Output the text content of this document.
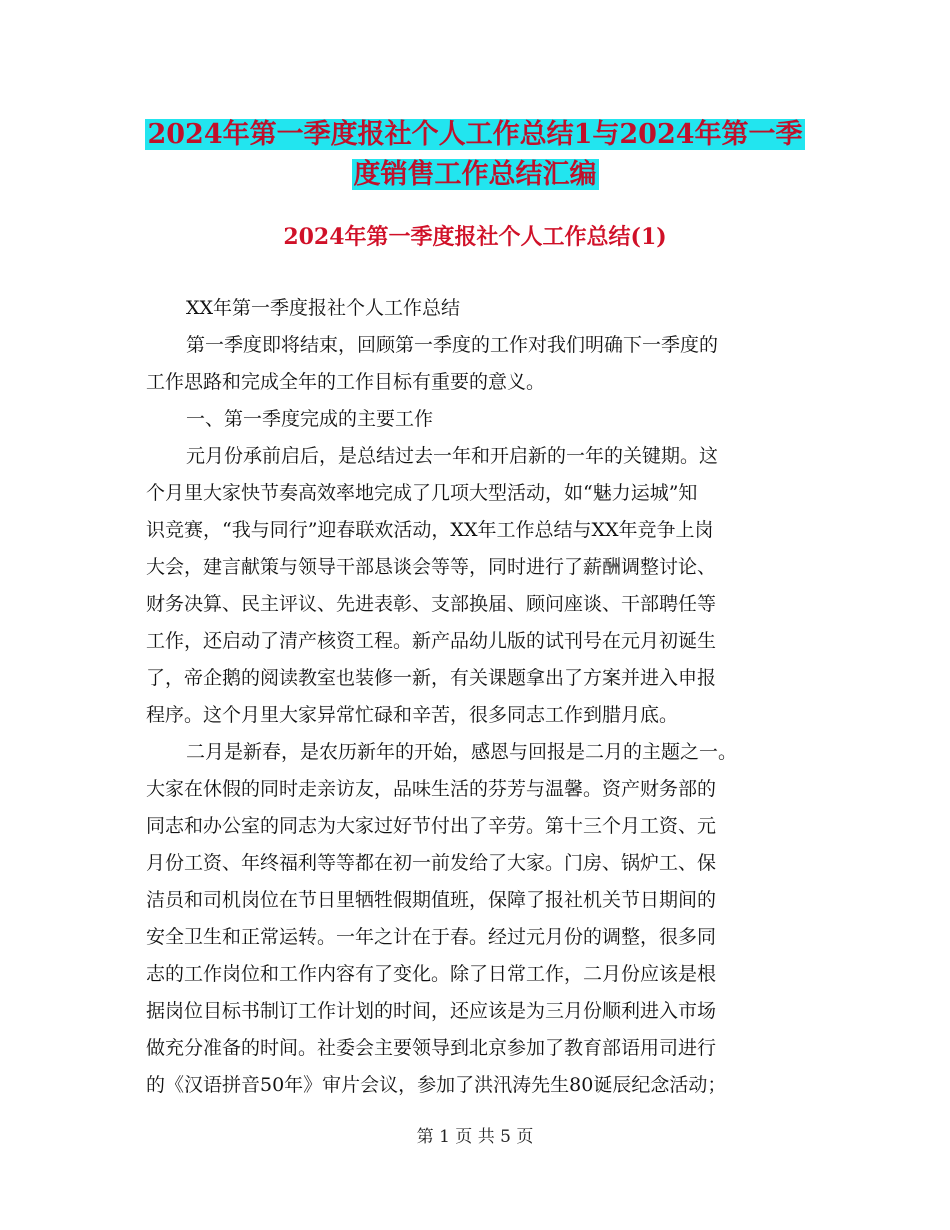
2024年第一季度报社个人工作总结1与2024年第一季
度销售工作总结汇编
2024年第一季度报社个人工作总结(1)

XX年第一季度报社个人工作总结

第一季度即将结束，回顾第一季度的工作对我们明确下一季度的

工作思路和完成全年的工作目标有重要的意义。

一、第一季度完成的主要工作

元月份承前启后，是总结过去一年和开启新的一年的关键期。这

个月里大家快节奏高效率地完成了几项大型活动，如“魅力运城”知

识竞赛，“我与同行”迎春联欢活动，XX年工作总结与XX年竞争上岗

大会，建言献策与领导干部恳谈会等等，同时进行了薪酬调整讨论、

财务决算、民主评议、先进表彰、支部换届、顾问座谈、干部聘任等

工作，还启动了清产核资工程。新产品幼儿版的试刊号在元月初诞生

了，帝企鹅的阅读教室也装修一新，有关课题拿出了方案并进入申报

程序。这个月里大家异常忙碌和辛苦，很多同志工作到腊月底。

二月是新春，是农历新年的开始，感恩与回报是二月的主题之一。

大家在休假的同时走亲访友，品味生活的芬芳与温馨。资产财务部的

同志和办公室的同志为大家过好节付出了辛劳。第十三个月工资、元

月份工资、年终福利等等都在初一前发给了大家。门房、锅炉工、保

洁员和司机岗位在节日里牺牲假期值班，保障了报社机关节日期间的

安全卫生和正常运转。一年之计在于春。经过元月份的调整，很多同

志的工作岗位和工作内容有了变化。除了日常工作，二月份应该是根

据岗位目标书制订工作计划的时间，还应该是为三月份顺利进入市场

做充分准备的时间。社委会主要领导到北京参加了教育部语用司进行

的《汉语拼音50年》审片会议，参加了洪汛涛先生80诞辰纪念活动；

第 1 页 共 5 页
